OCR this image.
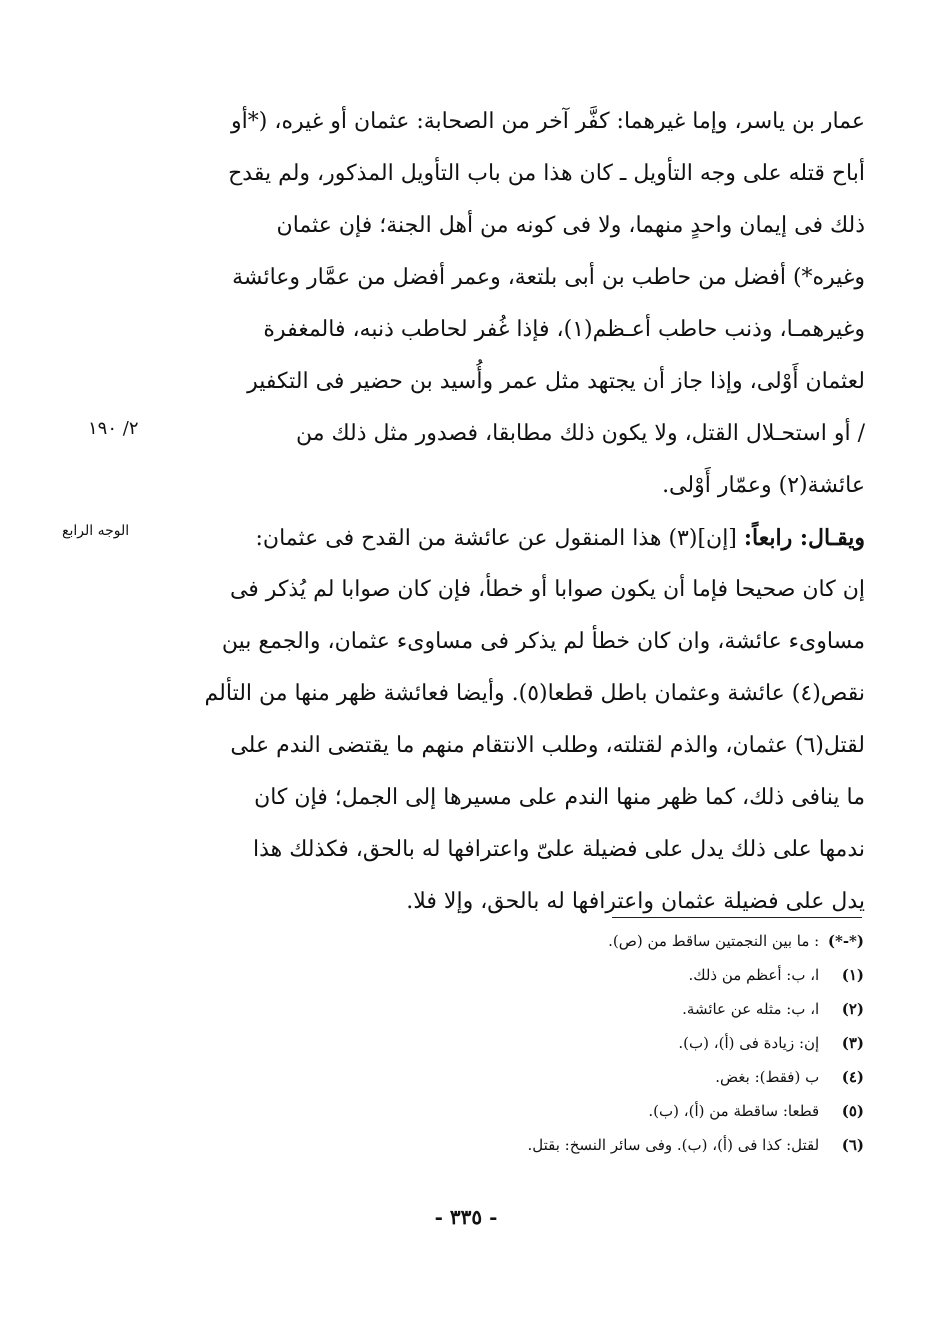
عمار بن ياسر، وإما غيرهما: كفَّر آخر من الصحابة: عثمان أو غيره، (*أو
أباح قتله على وجه التأويل ـ كان هذا من باب التأويل المذكور، ولم يقدح
ذلك فى إيمان واحدٍ منهما، ولا فى كونه من أهل الجنة؛ فإن عثمان
وغيره*) أفضل من حاطب بن أبى بلتعة، وعمر أفضل من عمَّار وعائشة
وغيرهمـا، وذنب حاطب أعـظم(١)، فإذا غُفر لحاطب ذنبه، فالمغفرة
لعثمان أَوْلى، وإذا جاز أن يجتهد مثل عمر وأُسيد بن حضير فى التكفير
/ أو استحـلال القتل، ولا يكون ذلك مطابقا، فصدور مثل ذلك من
عائشة(٢) وعمّار أَوْلى.
ويقـال: رابعاً: [إن](٣) هذا المنقول عن عائشة من القدح فى عثمان:
إن كان صحيحا فإما أن يكون صوابا أو خطأ، فإن كان صوابا لم يُذكر فى
مساوىء عائشة، وان كان خطأ لم يذكر فى مساوىء عثمان، والجمع بين
نقص(٤) عائشة وعثمان باطل قطعا(٥). وأيضا فعائشة ظهر منها من التألم
لقتل(٦) عثمان، والذم لقتلته، وطلب الانتقام منهم ما يقتضى الندم على
ما ينافى ذلك، كما ظهر منها الندم على مسيرها إلى الجمل؛ فإن كان
ندمها على ذلك يدل على فضيلة علىّ واعترافها له بالحق، فكذلك هذا
يدل على فضيلة عثمان واعترافها له بالحق، وإلا فلا.
٢/ ١٩٠
الوجه الرابع
(*-*) : ما بين النجمتين ساقط من (ص).
(١) ا، ب: أعظم من ذلك.
(٢) ا، ب: مثله عن عائشة.
(٣) إن: زيادة فى (أ)، (ب).
(٤) ب (فقط): بغض.
(٥) قطعا: ساقطة من (أ)، (ب).
(٦) لقتل: كذا فى (أ)، (ب). وفى سائر النسخ: بقتل.
- ٣٣٥ -
